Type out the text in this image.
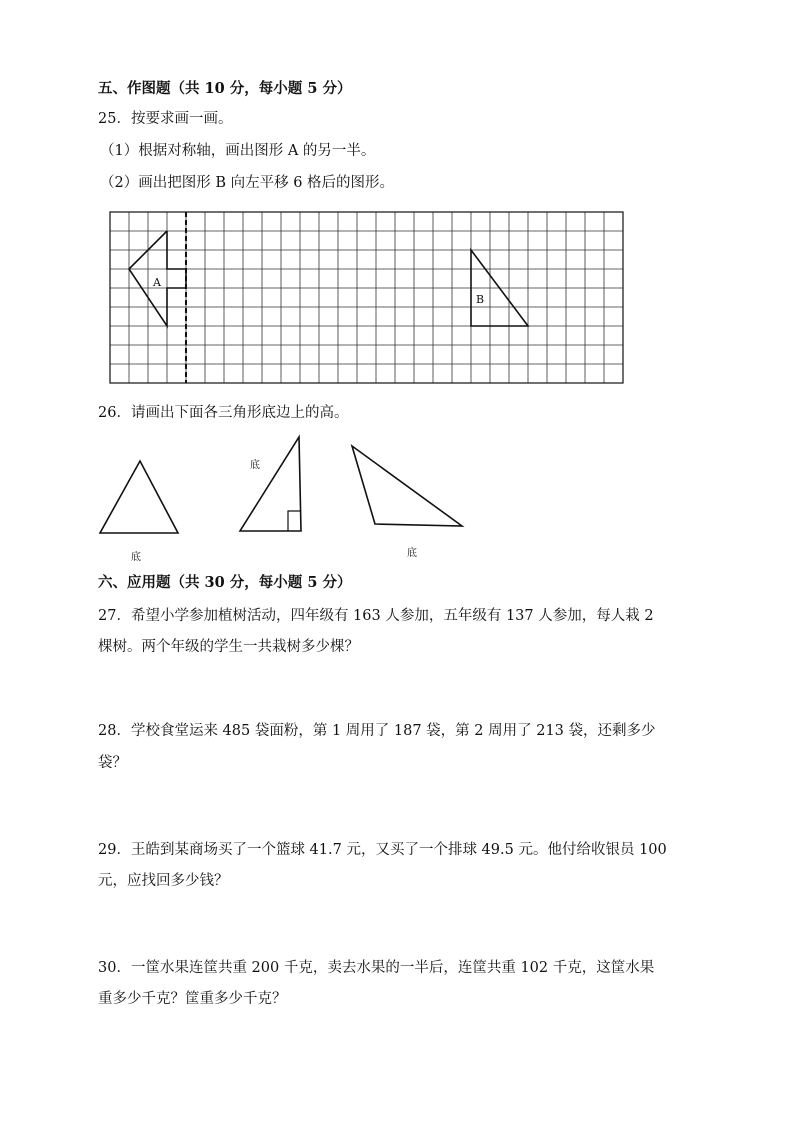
五、作图题（共 10 分，每小题 5 分）
25．按要求画一画。
（1）根据对称轴，画出图形 A 的另一半。
（2）画出把图形 B 向左平移 6 格后的图形。
A
B
26．请画出下面各三角形底边上的高。
底
底
底
六、应用题（共 30 分，每小题 5 分）
27．希望小学参加植树活动，四年级有 163 人参加，五年级有 137 人参加，每人栽 2
棵树。两个年级的学生一共栽树多少棵？
28．学校食堂运来 485 袋面粉，第 1 周用了 187 袋，第 2 周用了 213 袋，还剩多少
袋？
29．王皓到某商场买了一个篮球 41.7 元，又买了一个排球 49.5 元。他付给收银员 100
元，应找回多少钱？
30．一筐水果连筐共重 200 千克，卖去水果的一半后，连筐共重 102 千克，这筐水果
重多少千克？筐重多少千克？
